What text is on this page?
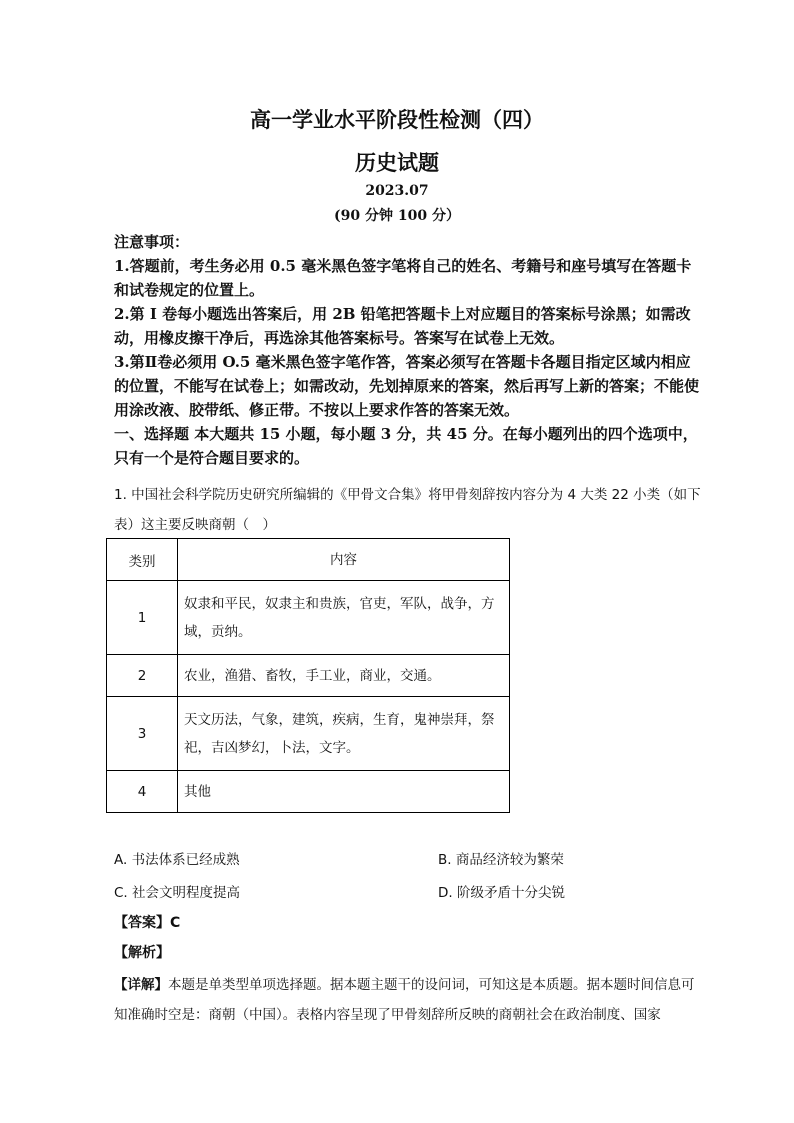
高一学业水平阶段性检测（四）
历史试题
2023.07
(90 分钟 100 分）

注意事项：

1.答题前，考生务必用 0.5 毫米黑色签字笔将自己的姓名、考籍号和座号填写在答题卡和试卷规定的位置上。

2.第 I 卷每小题选出答案后，用 2B 铅笔把答题卡上对应题目的答案标号涂黑；如需改动，用橡皮擦干净后，再选涂其他答案标号。答案写在试卷上无效。

3.第Ⅱ卷必须用 O.5 毫米黑色签字笔作答，答案必须写在答题卡各题目指定区域内相应的位置，不能写在试卷上；如需改动，先划掉原来的答案，然后再写上新的答案；不能使用涂改液、胶带纸、修正带。不按以上要求作答的答案无效。

一、选择题 本大题共 15 小题，每小题 3 分，共 45 分。在每小题列出的四个选项中，只有一个是符合题目要求的。

1. 中国社会科学院历史研究所编辑的《甲骨文合集》将甲骨刻辞按内容分为 4 大类 22 小类（如下表）这主要反映商朝（　）
类别	内容
1	奴隶和平民，奴隶主和贵族，官吏，军队，战争，方域，贡纳。
2	农业，渔猎、畜牧，手工业，商业，交通。
3	天文历法，气象，建筑，疾病，生育，鬼神崇拜，祭祀，吉凶梦幻，卜法，文字。
4	其他
A. 书法体系已经成熟	B. 商品经济较为繁荣
C. 社会文明程度提高	D. 阶级矛盾十分尖锐
【答案】C
【解析】
【详解】本题是单类型单项选择题。据本题主题干的设问词，可知这是本质题。据本题时间信息可知准确时空是：商朝（中国）。表格内容呈现了甲骨刻辞所反映的商朝社会在政治制度、国家
